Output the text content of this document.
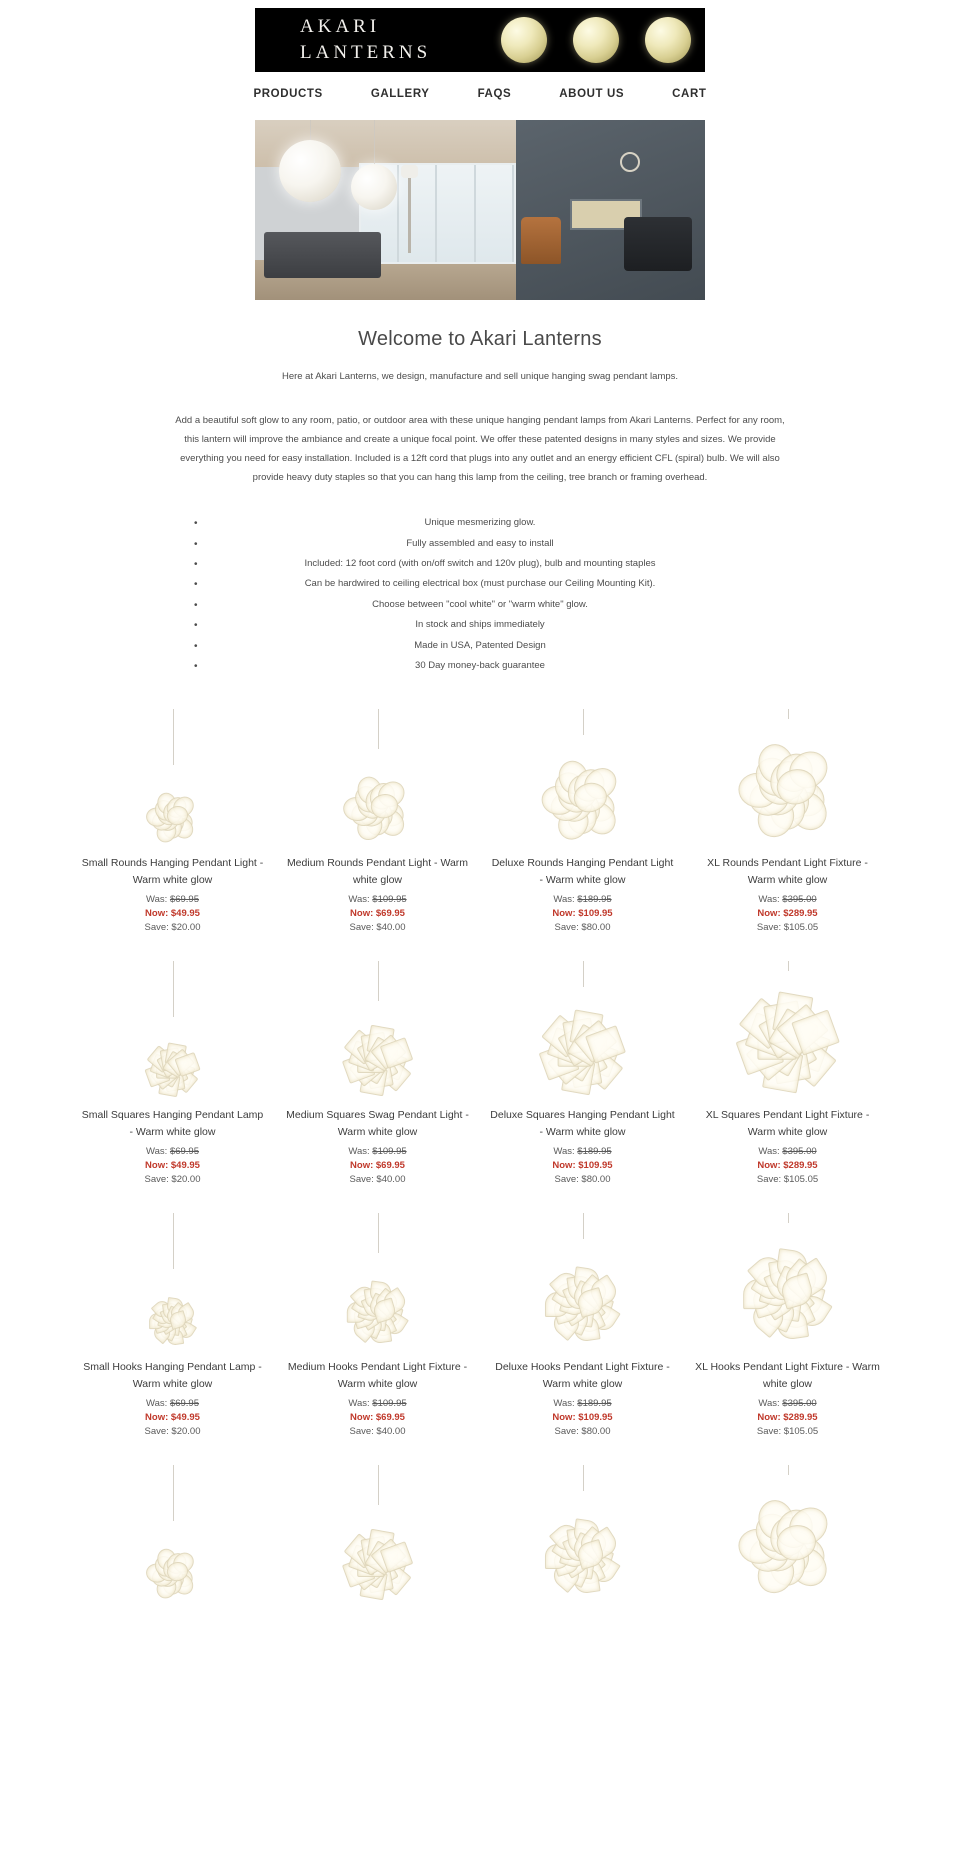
AKARI
LANTERNS
PRODUCTS	GALLERY	FAQS	ABOUT US	CART
Welcome to Akari Lanterns

Here at Akari Lanterns, we design, manufacture and sell unique hanging swag pendant lamps.

Add a beautiful soft glow to any room, patio, or outdoor area with these unique hanging pendant lamps from Akari Lanterns. Perfect for any room, this lantern will improve the ambiance and create a unique focal point. We offer these patented designs in many styles and sizes. We provide everything you need for easy installation. Included is a 12ft cord that plugs into any outlet and an energy efficient CFL (spiral) bulb. We will also provide heavy duty staples so that you can hang this lamp from the ceiling, tree branch or framing overhead.

• Unique mesmerizing glow.
• Fully assembled and easy to install
• Included: 12 foot cord (with on/off switch and 120v plug), bulb and mounting staples
• Can be hardwired to ceiling electrical box (must purchase our Ceiling Mounting Kit).
• Choose between "cool white" or "warm white" glow.
• In stock and ships immediately
• Made in USA, Patented Design
• 30 Day money-back guarantee
Small Rounds Hanging Pendant Light - Warm white glow
Was: $69.95
Now: $49.95
Save: $20.00
Medium Rounds Pendant Light - Warm white glow
Was: $109.95
Now: $69.95
Save: $40.00
Deluxe Rounds Hanging Pendant Light - Warm white glow
Was: $189.95
Now: $109.95
Save: $80.00
XL Rounds Pendant Light Fixture - Warm white glow
Was: $395.00
Now: $289.95
Save: $105.05
Small Squares Hanging Pendant Lamp - Warm white glow
Was: $69.95
Now: $49.95
Save: $20.00
Medium Squares Swag Pendant Light - Warm white glow
Was: $109.95
Now: $69.95
Save: $40.00
Deluxe Squares Hanging Pendant Light - Warm white glow
Was: $189.95
Now: $109.95
Save: $80.00
XL Squares Pendant Light Fixture - Warm white glow
Was: $395.00
Now: $289.95
Save: $105.05
Small Hooks Hanging Pendant Lamp - Warm white glow
Was: $69.95
Now: $49.95
Save: $20.00
Medium Hooks Pendant Light Fixture - Warm white glow
Was: $109.95
Now: $69.95
Save: $40.00
Deluxe Hooks Pendant Light Fixture - Warm white glow
Was: $189.95
Now: $109.95
Save: $80.00
XL Hooks Pendant Light Fixture - Warm white glow
Was: $395.00
Now: $289.95
Save: $105.05
